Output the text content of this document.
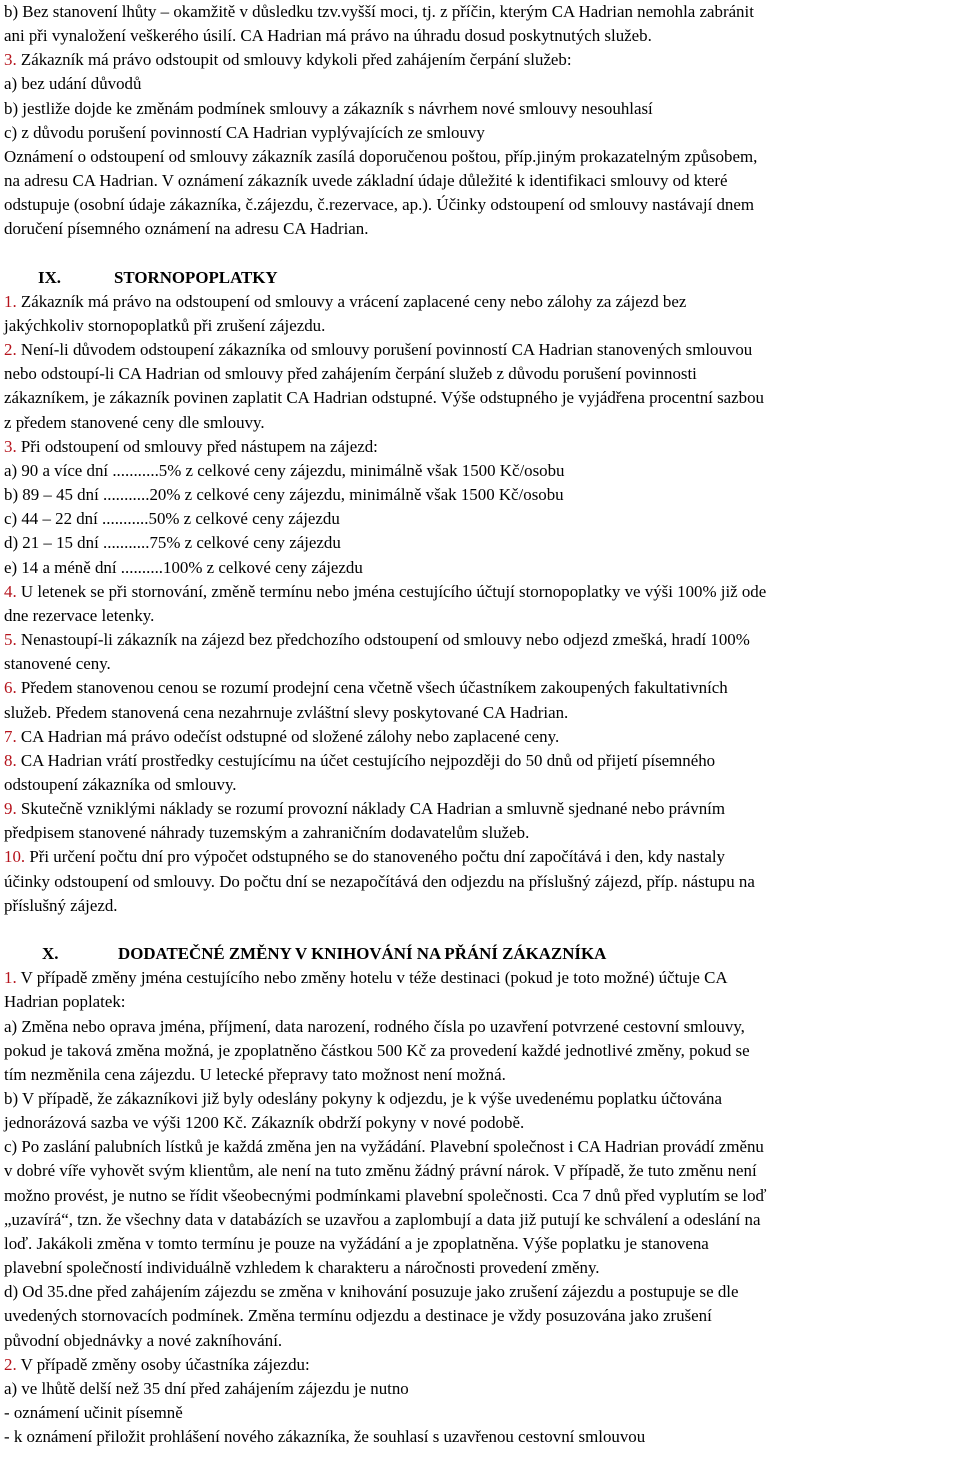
b) Bez stanovení lhůty – okamžitě v důsledku tzv.vyšší moci, tj. z příčin, kterým CA Hadrian nemohla zabránit
ani při vynaložení veškerého úsilí. CA Hadrian má právo na úhradu dosud poskytnutých služeb.
3. Zákazník má právo odstoupit od smlouvy kdykoli před zahájením čerpání služeb:
a) bez udání důvodů
b) jestliže dojde ke změnám podmínek smlouvy a zákazník s návrhem nové smlouvy nesouhlasí
c) z důvodu porušení povinností CA Hadrian vyplývajících ze smlouvy
Oznámení o odstoupení od smlouvy zákazník zasílá doporučenou poštou, příp.jiným prokazatelným způsobem,
na adresu CA Hadrian. V oznámení zákazník uvede základní údaje důležité k identifikaci smlouvy od které
odstupuje (osobní údaje zákazníka, č.zájezdu, č.rezervace, ap.). Účinky odstoupení od smlouvy nastávají dnem
doručení písemného oznámení na adresu CA Hadrian.
IX.	STORNOPOPLATKY
1. Zákazník má právo na odstoupení od smlouvy a vrácení zaplacené ceny nebo zálohy za zájezd bez
jakýchkoliv stornopoplatků při zrušení zájezdu.
2. Není-li důvodem odstoupení zákazníka od smlouvy porušení povinností CA Hadrian stanovených smlouvou
nebo odstoupí-li CA Hadrian od smlouvy před zahájením čerpání služeb z důvodu porušení povinnosti
zákazníkem, je zákazník povinen zaplatit CA Hadrian odstupné. Výše odstupného je vyjádřena procentní sazbou
z předem stanovené ceny dle smlouvy.
3. Při odstoupení od smlouvy před nástupem na zájezd:
a) 90 a více dní ...........5% z celkové ceny zájezdu, minimálně však 1500 Kč/osobu
b) 89 – 45 dní ...........20% z celkové ceny zájezdu, minimálně však 1500 Kč/osobu
c) 44 – 22 dní ...........50% z celkové ceny zájezdu
d) 21 – 15 dní ...........75% z celkové ceny zájezdu
e) 14 a méně dní ..........100% z celkové ceny zájezdu
4. U letenek se při stornování, změně termínu nebo jména cestujícího účtují stornopoplatky ve výši 100% již ode
dne rezervace letenky.
5. Nenastoupí-li zákazník na zájezd bez předchozího odstoupení od smlouvy nebo odjezd zmešká, hradí 100%
stanovené ceny.
6. Předem stanovenou cenou se rozumí prodejní cena včetně všech účastníkem zakoupených fakultativních
služeb. Předem stanovená cena nezahrnuje zvláštní slevy poskytované CA Hadrian.
7. CA Hadrian má právo odečíst odstupné od složené zálohy nebo zaplacené ceny.
8. CA Hadrian vrátí prostředky cestujícímu na účet cestujícího nejpozději do 50 dnů od přijetí písemného
odstoupení zákazníka od smlouvy.
9. Skutečně vzniklými náklady se rozumí provozní náklady CA Hadrian a smluvně sjednané nebo právním
předpisem stanovené náhrady tuzemským a zahraničním dodavatelům služeb.
10. Při určení počtu dní pro výpočet odstupného se do stanoveného počtu dní započítává i den, kdy nastaly
účinky odstoupení od smlouvy. Do počtu dní se nezapočítává den odjezdu na příslušný zájezd, příp. nástupu na
příslušný zájezd.
X.	DODATEČNÉ ZMĚNY V KNIHOVÁNÍ NA PŘÁNÍ ZÁKAZNÍKA
1. V případě změny jména cestujícího nebo změny hotelu v téže destinaci (pokud je toto možné) účtuje CA
Hadrian poplatek:
a) Změna nebo oprava jména, příjmení, data narození, rodného čísla po uzavření potvrzené cestovní smlouvy,
pokud je taková změna možná, je zpoplatněno částkou 500 Kč za provedení každé jednotlivé změny, pokud se
tím nezměnila cena zájezdu. U letecké přepravy tato možnost není možná.
b) V případě, že zákazníkovi již byly odeslány pokyny k odjezdu, je k výše uvedenému poplatku účtována
jednorázová sazba ve výši 1200 Kč. Zákazník obdrží pokyny v nové podobě.
c) Po zaslání palubních lístků je každá změna jen na vyžádání. Plavební společnost i CA Hadrian provádí změnu
v dobré víře vyhovět svým klientům, ale není na tuto změnu žádný právní nárok. V případě, že tuto změnu není
možno provést, je nutno se řídit všeobecnými podmínkami plavební společnosti. Cca 7 dnů před vyplutím se loď
„uzavírá“, tzn. že všechny data v databázích se uzavřou a zaplombují a data již putují ke schválení a odeslání na
loď. Jakákoli změna v tomto termínu je pouze na vyžádání a je zpoplatněna. Výše poplatku je stanovena
plavební společností individuálně vzhledem k charakteru a náročnosti provedení změny.
d) Od 35.dne před zahájením zájezdu se změna v knihování posuzuje jako zrušení zájezdu a postupuje se dle
uvedených stornovacích podmínek. Změna termínu odjezdu a destinace je vždy posuzována jako zrušení
původní objednávky a nové zakníhování.
2. V případě změny osoby účastníka zájezdu:
a) ve lhůtě delší než 35 dní před zahájením zájezdu je nutno
- oznámení učinit písemně
- k oznámení přiložit prohlášení nového zákazníka, že souhlasí s uzavřenou cestovní smlouvou
